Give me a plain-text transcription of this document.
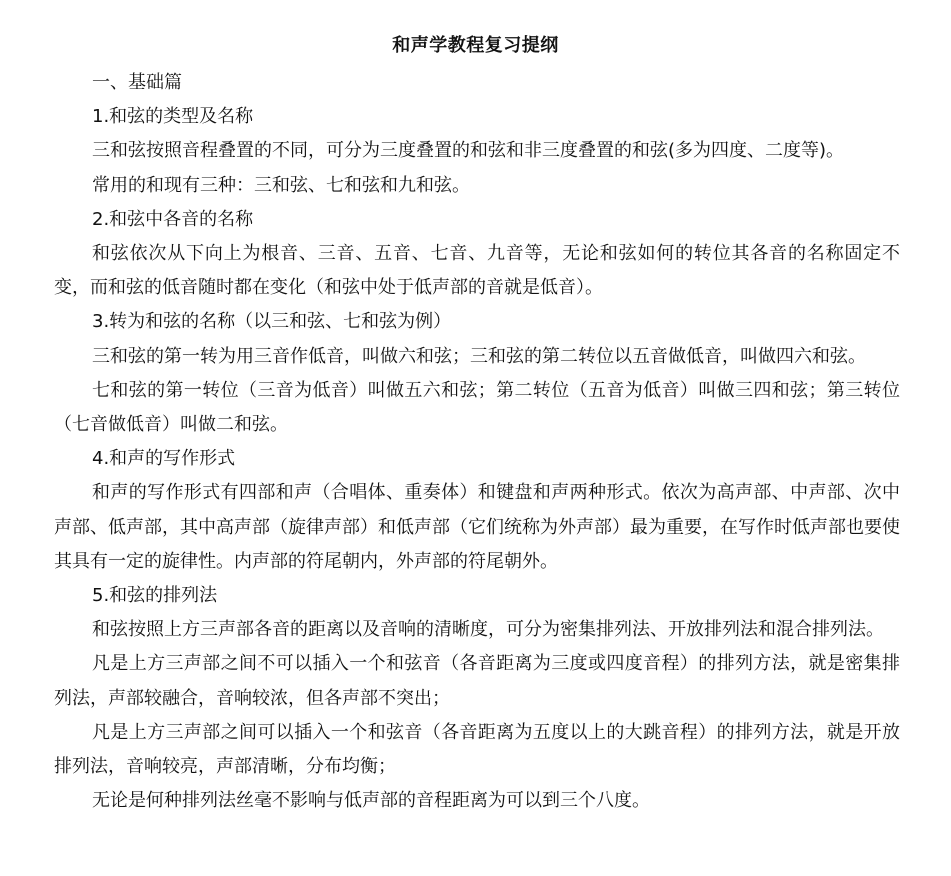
和声学教程复习提纲
一、基础篇
1.和弦的类型及名称
三和弦按照音程叠置的不同，可分为三度叠置的和弦和非三度叠置的和弦(多为四度、二度等)。
常用的和现有三种：三和弦、七和弦和九和弦。
2.和弦中各音的名称
和弦依次从下向上为根音、三音、五音、七音、九音等，无论和弦如何的转位其各音的名称固定不变，而和弦的低音随时都在变化（和弦中处于低声部的音就是低音）。
3.转为和弦的名称（以三和弦、七和弦为例）
三和弦的第一转为用三音作低音，叫做六和弦；三和弦的第二转位以五音做低音，叫做四六和弦。
七和弦的第一转位（三音为低音）叫做五六和弦；第二转位（五音为低音）叫做三四和弦；第三转位（七音做低音）叫做二和弦。
4.和声的写作形式
和声的写作形式有四部和声（合唱体、重奏体）和键盘和声两种形式。依次为高声部、中声部、次中声部、低声部，其中高声部（旋律声部）和低声部（它们统称为外声部）最为重要，在写作时低声部也要使其具有一定的旋律性。内声部的符尾朝内，外声部的符尾朝外。
5.和弦的排列法
和弦按照上方三声部各音的距离以及音响的清晰度，可分为密集排列法、开放排列法和混合排列法。
凡是上方三声部之间不可以插入一个和弦音（各音距离为三度或四度音程）的排列方法，就是密集排列法，声部较融合，音响较浓，但各声部不突出；
凡是上方三声部之间可以插入一个和弦音（各音距离为五度以上的大跳音程）的排列方法，就是开放排列法，音响较亮，声部清晰，分布均衡；
无论是何种排列法丝毫不影响与低声部的音程距离为可以到三个八度。
